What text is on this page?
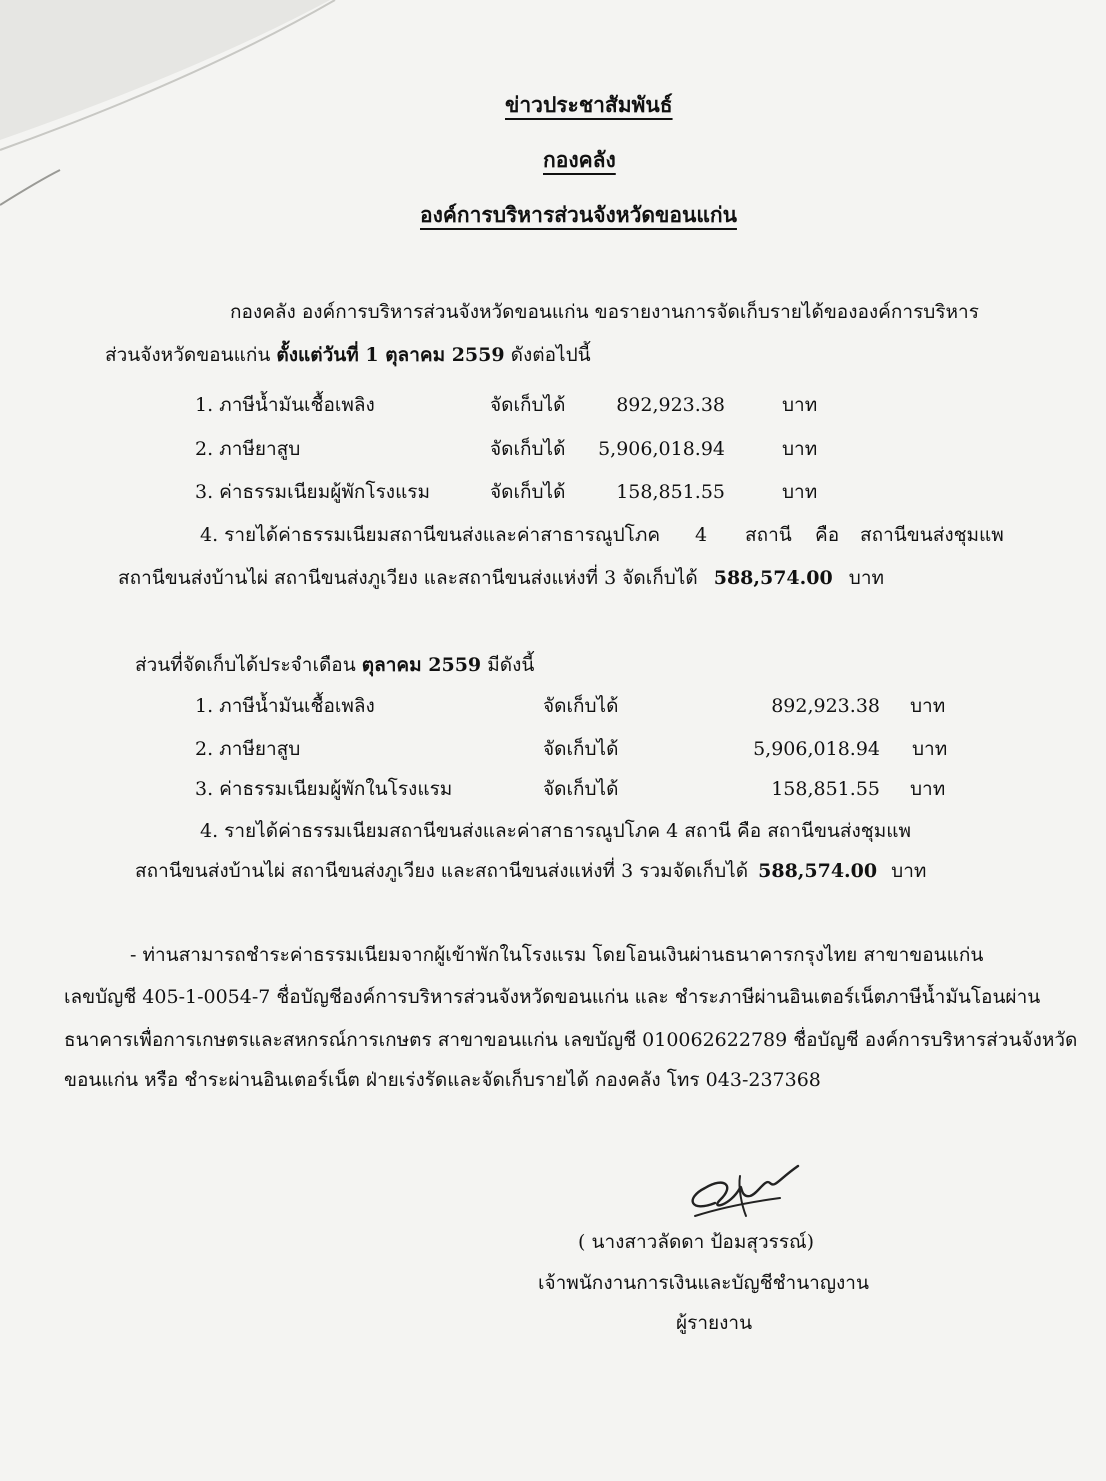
ข่าวประชาสัมพันธ์
กองคลัง
องค์การบริหารส่วนจังหวัดขอนแก่น
กองคลัง องค์การบริหารส่วนจังหวัดขอนแก่น ขอรายงานการจัดเก็บรายได้ขององค์การบริหาร
ส่วนจังหวัดขอนแก่น ตั้งแต่วันที่ 1 ตุลาคม 2559 ดังต่อไปนี้
1. ภาษีน้ำมันเชื้อเพลิง	จัดเก็บได้	892,923.38	บาท
2. ภาษียาสูบ	จัดเก็บได้	5,906,018.94	บาท
3. ค่าธรรมเนียมผู้พักโรงแรม	จัดเก็บได้	158,851.55	บาท
4. รายได้ค่าธรรมเนียมสถานีขนส่งและค่าสาธารณูปโภค 4 สถานี คือ สถานีขนส่งชุมแพ
สถานีขนส่งบ้านไผ่ สถานีขนส่งภูเวียง และสถานีขนส่งแห่งที่ 3 จัดเก็บได้ 588,574.00 บาท
ส่วนที่จัดเก็บได้ประจำเดือน ตุลาคม 2559 มีดังนี้
1. ภาษีน้ำมันเชื้อเพลิง	จัดเก็บได้	892,923.38 บาท
2. ภาษียาสูบ	จัดเก็บได้	5,906,018.94 บาท
3. ค่าธรรมเนียมผู้พักในโรงแรม	จัดเก็บได้	158,851.55 บาท
4. รายได้ค่าธรรมเนียมสถานีขนส่งและค่าสาธารณูปโภค 4 สถานี คือ สถานีขนส่งชุมแพ
สถานีขนส่งบ้านไผ่ สถานีขนส่งภูเวียง และสถานีขนส่งแห่งที่ 3 รวมจัดเก็บได้ 588,574.00 บาท
- ท่านสามารถชำระค่าธรรมเนียมจากผู้เข้าพักในโรงแรม โดยโอนเงินผ่านธนาคารกรุงไทย สาขาขอนแก่น
เลขบัญชี 405-1-0054-7 ชื่อบัญชีองค์การบริหารส่วนจังหวัดขอนแก่น และ ชำระภาษีผ่านอินเตอร์เน็ตภาษีน้ำมันโอนผ่าน
ธนาคารเพื่อการเกษตรและสหกรณ์การเกษตร สาขาขอนแก่น เลขบัญชี 010062622789 ชื่อบัญชี องค์การบริหารส่วนจังหวัด
ขอนแก่น หรือ ชำระผ่านอินเตอร์เน็ต ฝ่ายเร่งรัดและจัดเก็บรายได้ กองคลัง โทร 043-237368
( นางสาวลัดดา ป้อมสุวรรณ์)
เจ้าพนักงานการเงินและบัญชีชำนาญงาน
ผู้รายงาน
